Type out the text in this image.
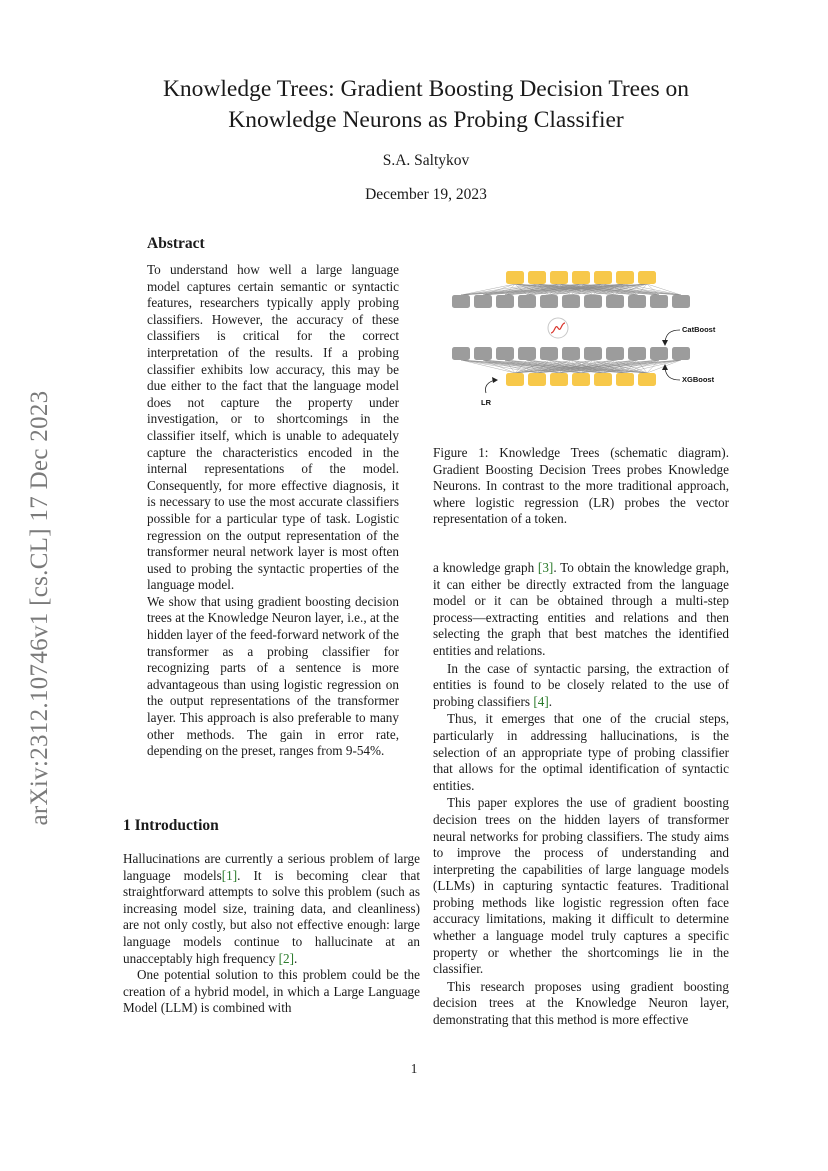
arXiv:2312.10746v1 [cs.CL] 17 Dec 2023
Knowledge Trees: Gradient Boosting Decision Trees on Knowledge Neurons as Probing Classifier
S.A. Saltykov
December 19, 2023
Abstract

To understand how well a large language model captures certain semantic or syntactic features, researchers typically apply probing classifiers. However, the accuracy of these classifiers is critical for the correct interpretation of the results. If a probing classifier exhibits low accuracy, this may be due either to the fact that the language model does not capture the property under investigation, or to shortcomings in the classifier itself, which is unable to adequately capture the characteristics encoded in the internal representations of the model. Consequently, for more effective diagnosis, it is necessary to use the most accurate classifiers possible for a particular type of task. Logistic regression on the output representation of the transformer neural network layer is most often used to probing the syntactic properties of the language model.

We show that using gradient boosting decision trees at the Knowledge Neuron layer, i.e., at the hidden layer of the feed-forward network of the transformer as a probing classifier for recognizing parts of a sentence is more advantageous than using logistic regression on the output representations of the transformer layer. This approach is also preferable to many other methods. The gain in error rate, depending on the preset, ranges from 9-54%.

CatBoost
XGBoost
LR
Figure 1: Knowledge Trees (schematic diagram). Gradient Boosting Decision Trees probes Knowledge Neurons. In contrast to the more traditional approach, where logistic regression (LR) probes the vector representation of a token.

a knowledge graph [3]. To obtain the knowledge graph, it can either be directly extracted from the language model or it can be obtained through a multi-step process—extracting entities and relations and then selecting the graph that best matches the identified entities and relations.

In the case of syntactic parsing, the extraction of entities is found to be closely related to the use of probing classifiers [4].

Thus, it emerges that one of the crucial steps, particularly in addressing hallucinations, is the selection of an appropriate type of probing classifier that allows for the optimal identification of syntactic entities.

This paper explores the use of gradient boosting decision trees on the hidden layers of transformer neural networks for probing classifiers. The study aims to improve the process of understanding and interpreting the capabilities of large language models (LLMs) in capturing syntactic features. Traditional probing methods like logistic regression often face accuracy limitations, making it difficult to determine whether a language model truly captures a specific property or whether the shortcomings lie in the classifier.

This research proposes using gradient boosting decision trees at the Knowledge Neuron layer, demonstrating that this method is more effective

1 Introduction

Hallucinations are currently a serious problem of large language models[1]. It is becoming clear that straightforward attempts to solve this problem (such as increasing model size, training data, and cleanliness) are not only costly, but also not effective enough: large language models continue to hallucinate at an unacceptably high frequency [2].

One potential solution to this problem could be the creation of a hybrid model, in which a Large Language Model (LLM) is combined with

1
